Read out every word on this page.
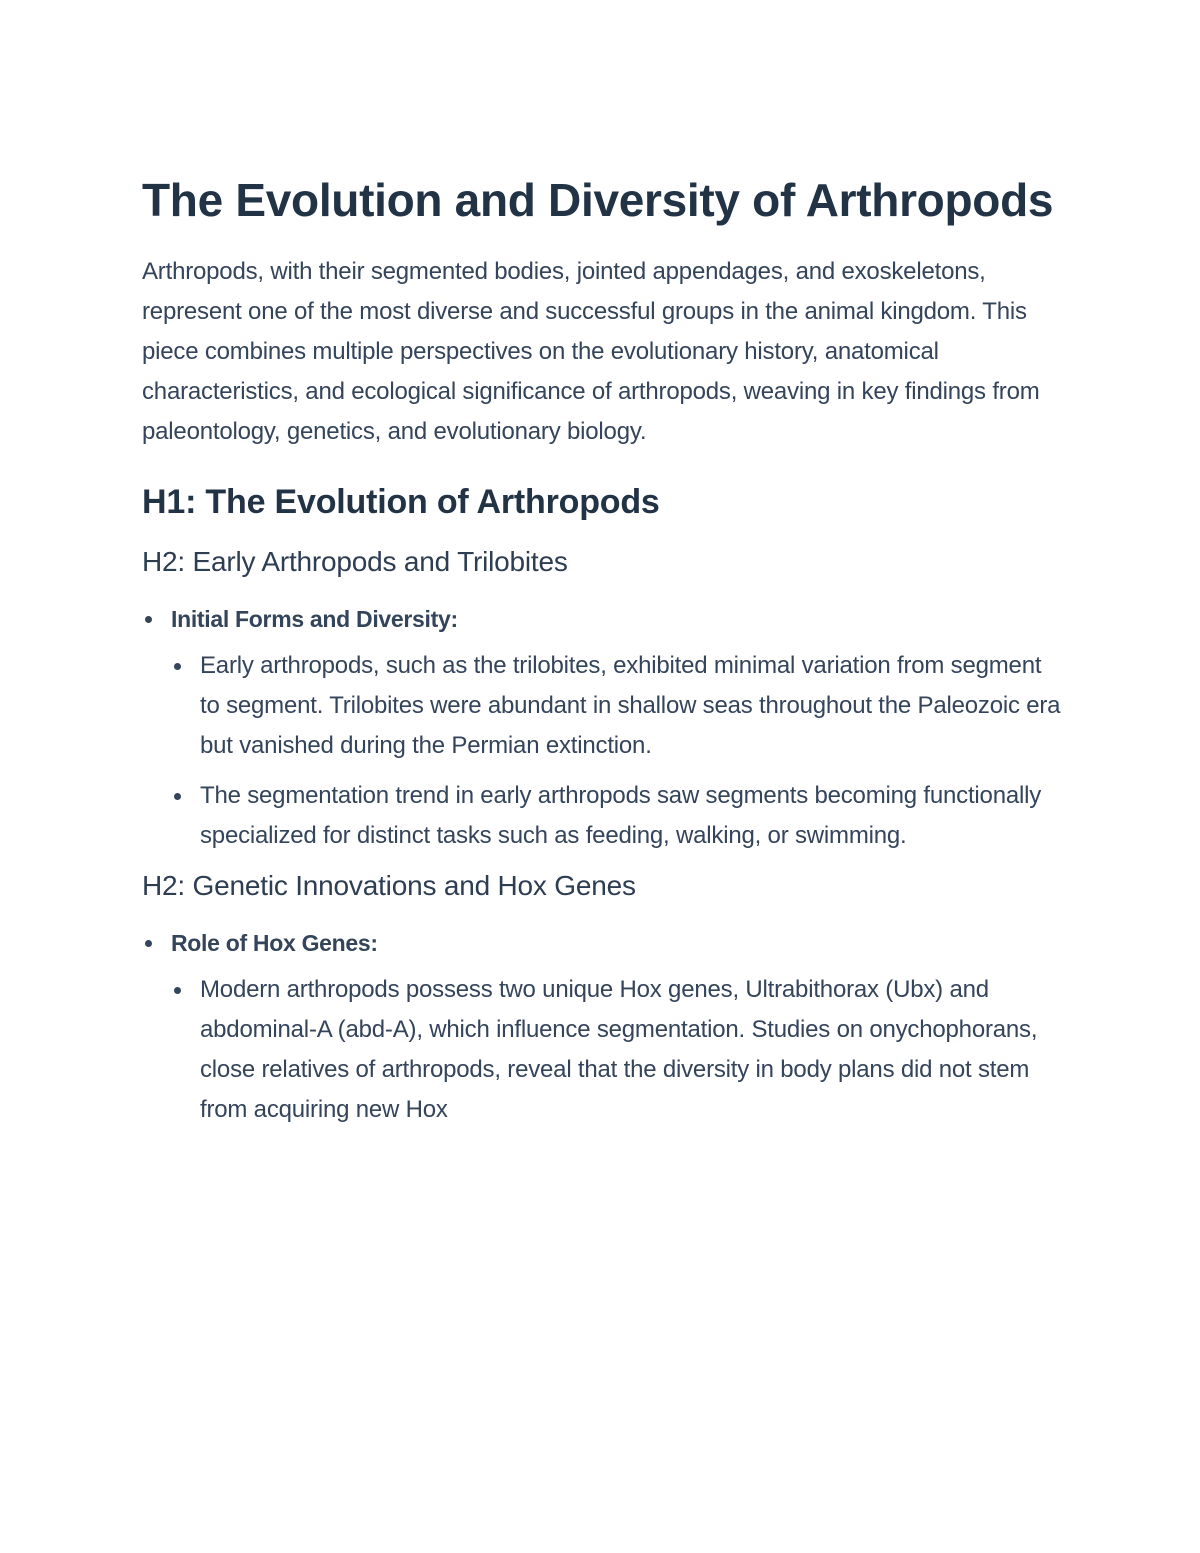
The Evolution and Diversity of Arthropods

Arthropods, with their segmented bodies, jointed appendages, and exoskeletons, represent one of the most diverse and successful groups in the animal kingdom. This piece combines multiple perspectives on the evolutionary history, anatomical characteristics, and ecological significance of arthropods, weaving in key findings from paleontology, genetics, and evolutionary biology.

H1: The Evolution of Arthropods
H2: Early Arthropods and Trilobites
Initial Forms and Diversity:
Early arthropods, such as the trilobites, exhibited minimal variation from segment to segment. Trilobites were abundant in shallow seas throughout the Paleozoic era but vanished during the Permian extinction.
The segmentation trend in early arthropods saw segments becoming functionally specialized for distinct tasks such as feeding, walking, or swimming.
H2: Genetic Innovations and Hox Genes
Role of Hox Genes:
Modern arthropods possess two unique Hox genes, Ultrabithorax (Ubx) and abdominal-A (abd-A), which influence segmentation. Studies on onychophorans, close relatives of arthropods, reveal that the diversity in body plans did not stem from acquiring new Hox
